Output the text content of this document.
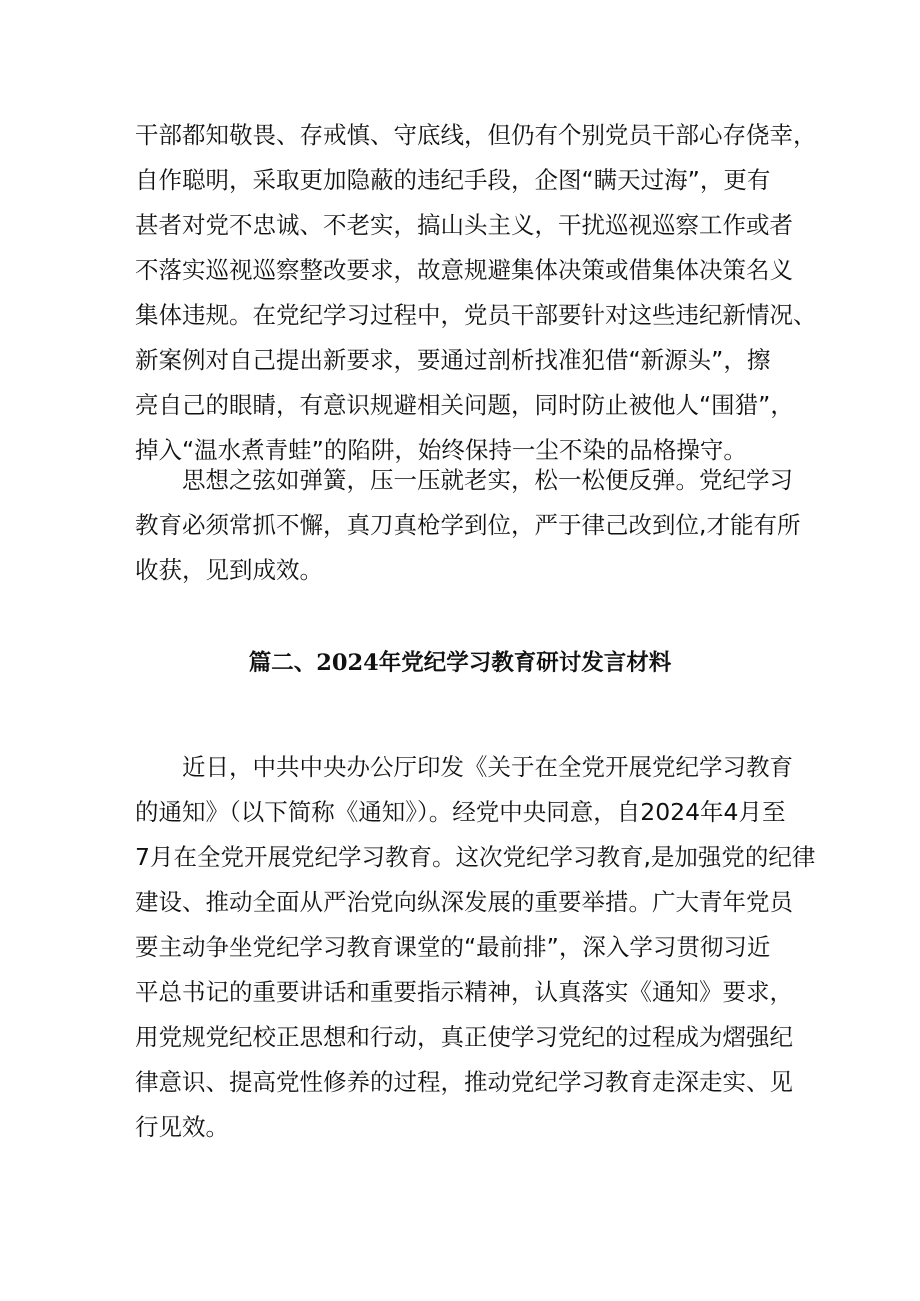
干部都知敬畏、存戒慎、守底线，但仍有个别党员干部心存侥幸，
自作聪明，采取更加隐蔽的违纪手段，企图“瞒天过海”，更有
甚者对党不忠诚、不老实，搞山头主义，干扰巡视巡察工作或者
不落实巡视巡察整改要求，故意规避集体决策或借集体决策名义
集体违规。在党纪学习过程中，党员干部要针对这些违纪新情况、
新案例对自己提出新要求，要通过剖析找准犯借“新源头”，擦
亮自己的眼睛，有意识规避相关问题，同时防止被他人“围猎”，
掉入“温水煮青蛙”的陷阱，始终保持一尘不染的品格操守。
思想之弦如弹簧，压一压就老实，松一松便反弹。党纪学习
教育必须常抓不懈，真刀真枪学到位，严于律己改到位,才能有所
收获，见到成效。
篇二、2024年党纪学习教育研讨发言材料
近日，中共中央办公厅印发《关于在全党开展党纪学习教育
的通知》（以下简称《通知》）。经党中央同意，自2024年4月至
7月在全党开展党纪学习教育。这次党纪学习教育,是加强党的纪律
建设、推动全面从严治党向纵深发展的重要举措。广大青年党员
要主动争坐党纪学习教育课堂的“最前排”，深入学习贯彻习近
平总书记的重要讲话和重要指示精神，认真落实《通知》要求，
用党规党纪校正思想和行动，真正使学习党纪的过程成为熠强纪
律意识、提高党性修养的过程，推动党纪学习教育走深走实、见
行见效。
